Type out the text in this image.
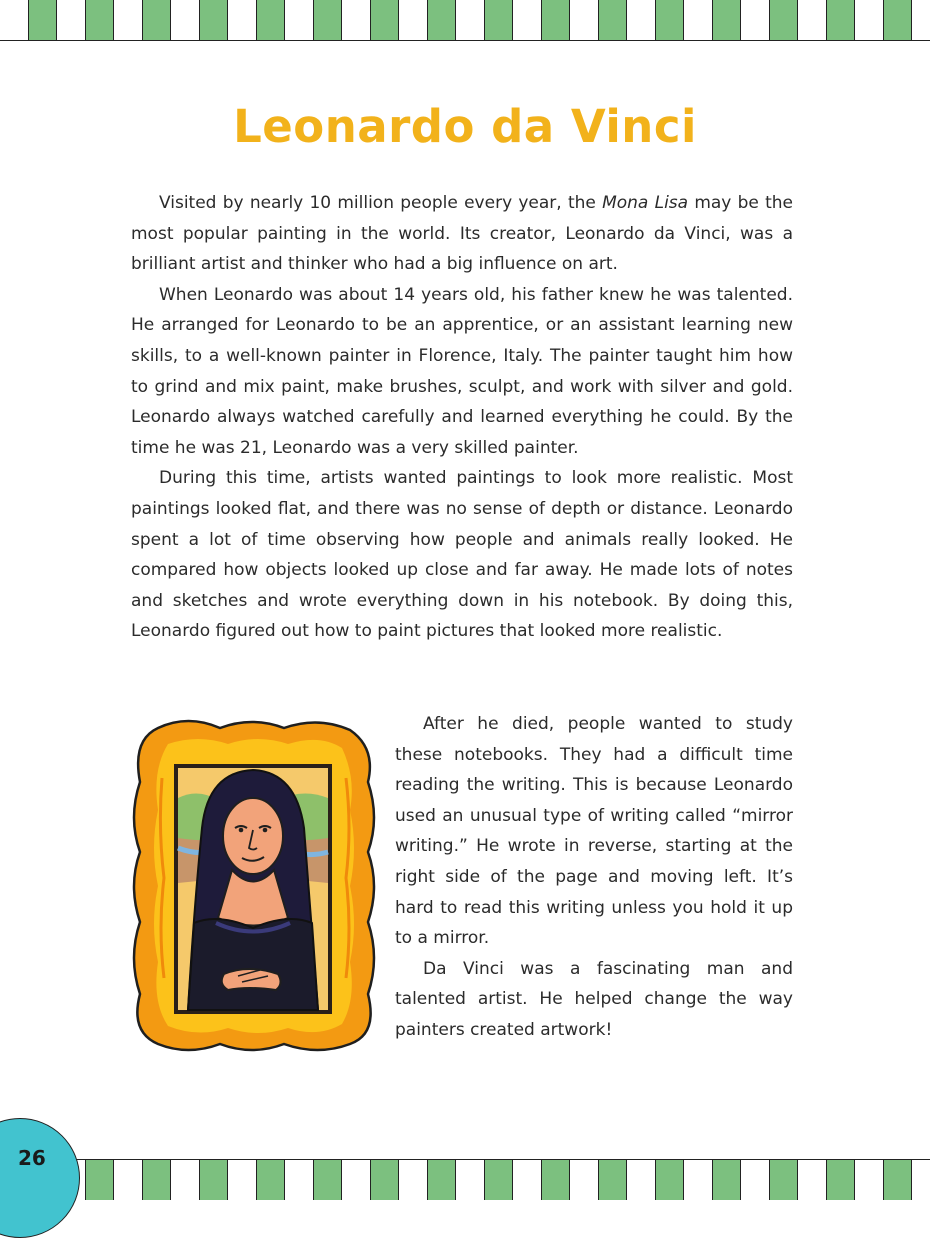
Leonardo da Vinci

Visited by nearly 10 million people every year, the Mona Lisa may be the most popular painting in the world. Its creator, Leonardo da Vinci, was a brilliant artist and thinker who had a big influence on art.

When Leonardo was about 14 years old, his father knew he was talented. He arranged for Leonardo to be an apprentice, or an assistant learning new skills, to a well-known painter in Florence, Italy. The painter taught him how to grind and mix paint, make brushes, sculpt, and work with silver and gold. Leonardo always watched carefully and learned everything he could. By the time he was 21, Leonardo was a very skilled painter.

During this time, artists wanted paintings to look more realistic. Most paintings looked flat, and there was no sense of depth or distance. Leonardo spent a lot of time observing how people and animals really looked. He compared how objects looked up close and far away. He made lots of notes and sketches and wrote everything down in his notebook. By doing this, Leonardo figured out how to paint pictures that looked more realistic.

After he died, people wanted to study these notebooks. They had a difficult time reading the writing. This is because Leonardo used an unusual type of writing called “mirror writing.” He wrote in reverse, starting at the right side of the page and moving left. It’s hard to read this writing unless you hold it up to a mirror.

Da Vinci was a fascinating man and talented artist. He helped change the way painters created artwork!

26
